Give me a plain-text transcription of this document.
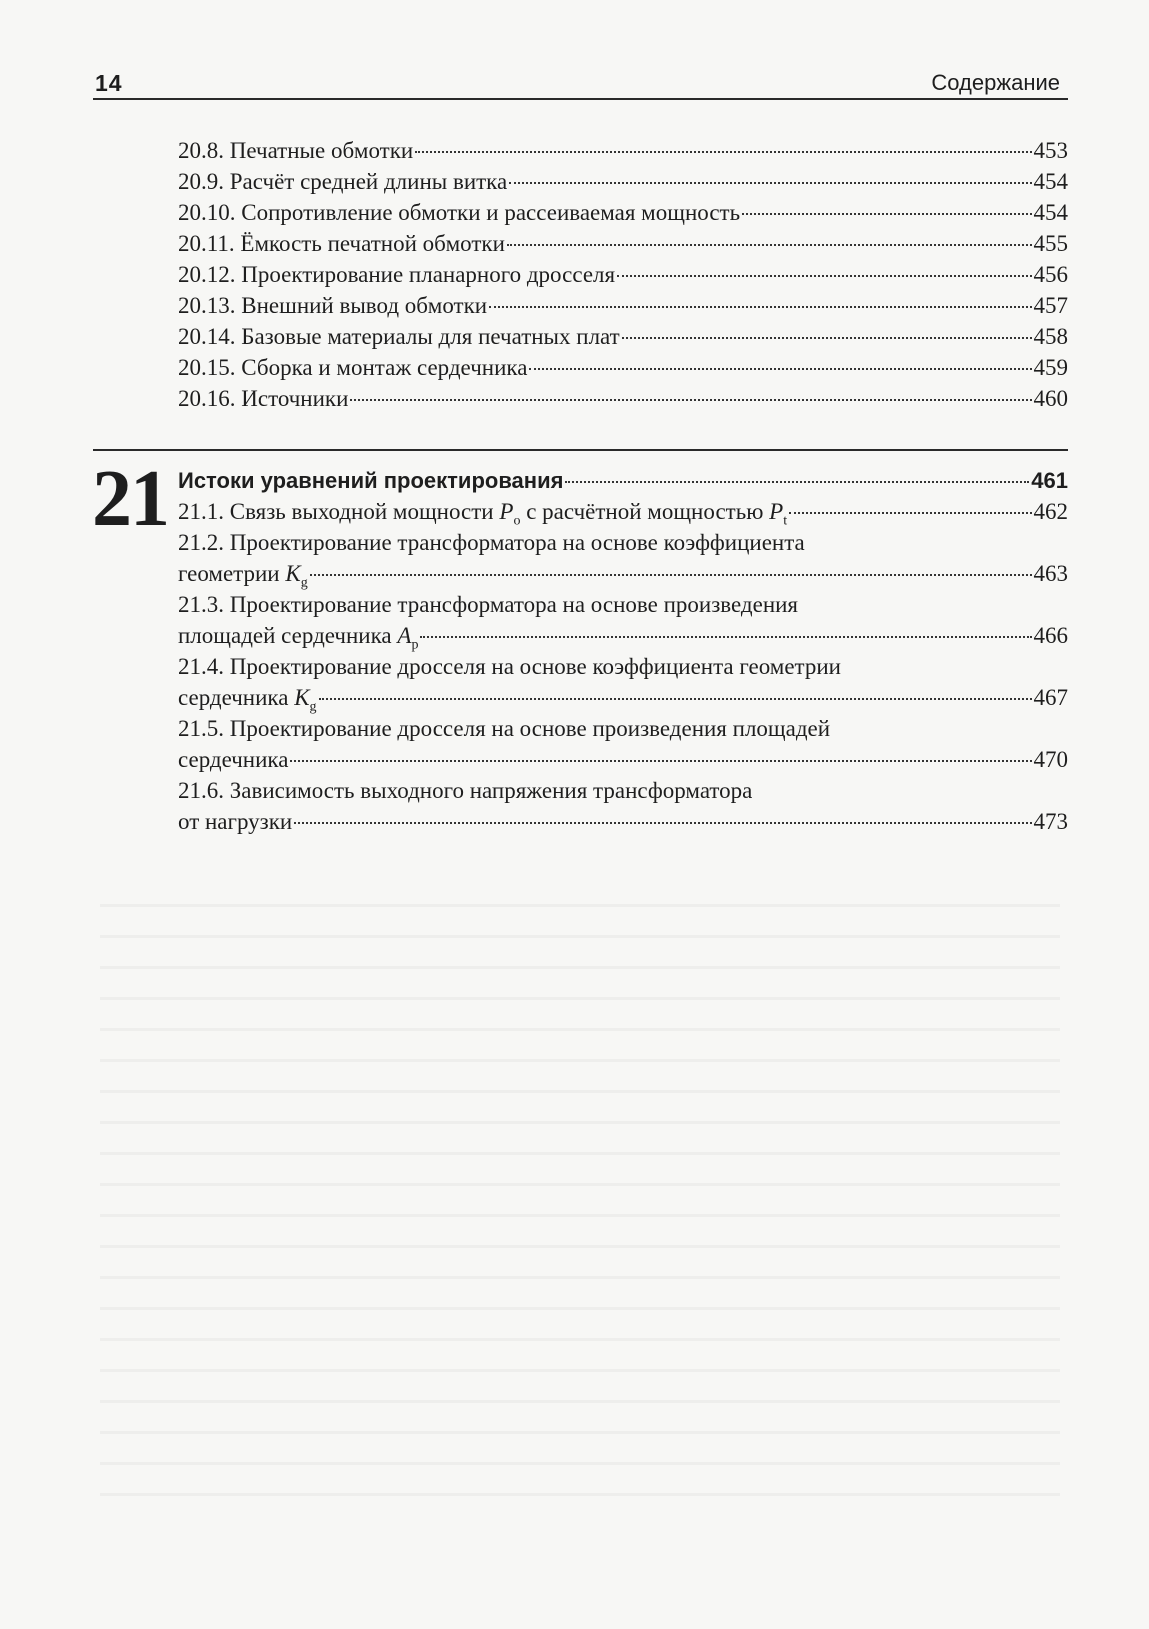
14	Содержание
20.8. Печатные обмотки	453
20.9. Расчёт средней длины витка	454
20.10. Сопротивление обмотки и рассеиваемая мощность	454
20.11. Ёмкость печатной обмотки	455
20.12. Проектирование планарного дросселя	456
20.13. Внешний вывод обмотки	457
20.14. Базовые материалы для печатных плат	458
20.15. Сборка и монтаж сердечника	459
20.16. Источники	460
21 Истоки уравнений проектирования	461
21.1. Связь выходной мощности $P_o$ с расчётной мощностью $P_t$	462
21.2. Проектирование трансформатора на основе коэффициента
геометрии $K_g$	463
21.3. Проектирование трансформатора на основе произведения
площадей сердечника $A_p$	466
21.4. Проектирование дросселя на основе коэффициента геометрии
сердечника $K_g$	467
21.5. Проектирование дросселя на основе произведения площадей
сердечника	470
21.6. Зависимость выходного напряжения трансформатора
от нагрузки	473
